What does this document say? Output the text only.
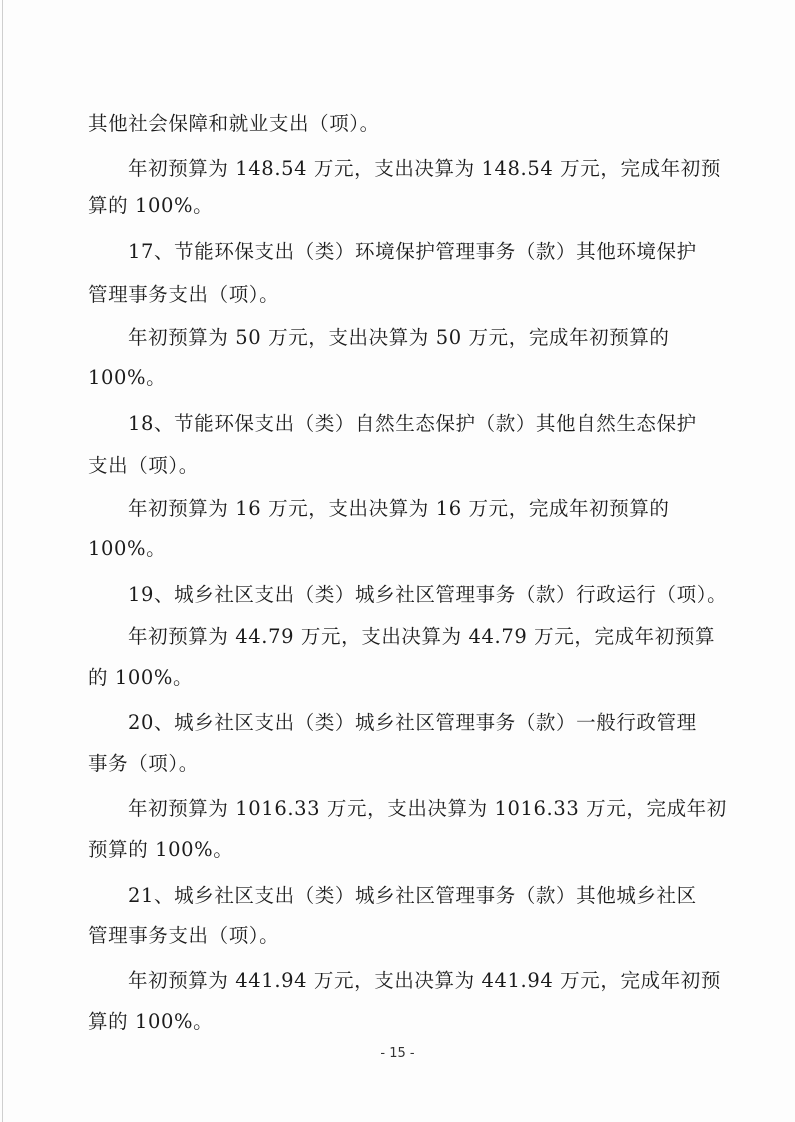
其他社会保障和就业支出（项）。
年初预算为 148.54 万元，支出决算为 148.54 万元，完成年初预
算的 100%。
17、节能环保支出（类）环境保护管理事务（款）其他环境保护
管理事务支出（项）。
年初预算为 50 万元，支出决算为 50 万元，完成年初预算的
100%。
18、节能环保支出（类）自然生态保护（款）其他自然生态保护
支出（项）。
年初预算为 16 万元，支出决算为 16 万元，完成年初预算的
100%。
19、城乡社区支出（类）城乡社区管理事务（款）行政运行（项）。
年初预算为 44.79 万元，支出决算为 44.79 万元，完成年初预算
的 100%。
20、城乡社区支出（类）城乡社区管理事务（款）一般行政管理
事务（项）。
年初预算为 1016.33 万元，支出决算为 1016.33 万元，完成年初
预算的 100%。
21、城乡社区支出（类）城乡社区管理事务（款）其他城乡社区
管理事务支出（项）。
年初预算为 441.94 万元，支出决算为 441.94 万元，完成年初预
算的 100%。
- 15 -
